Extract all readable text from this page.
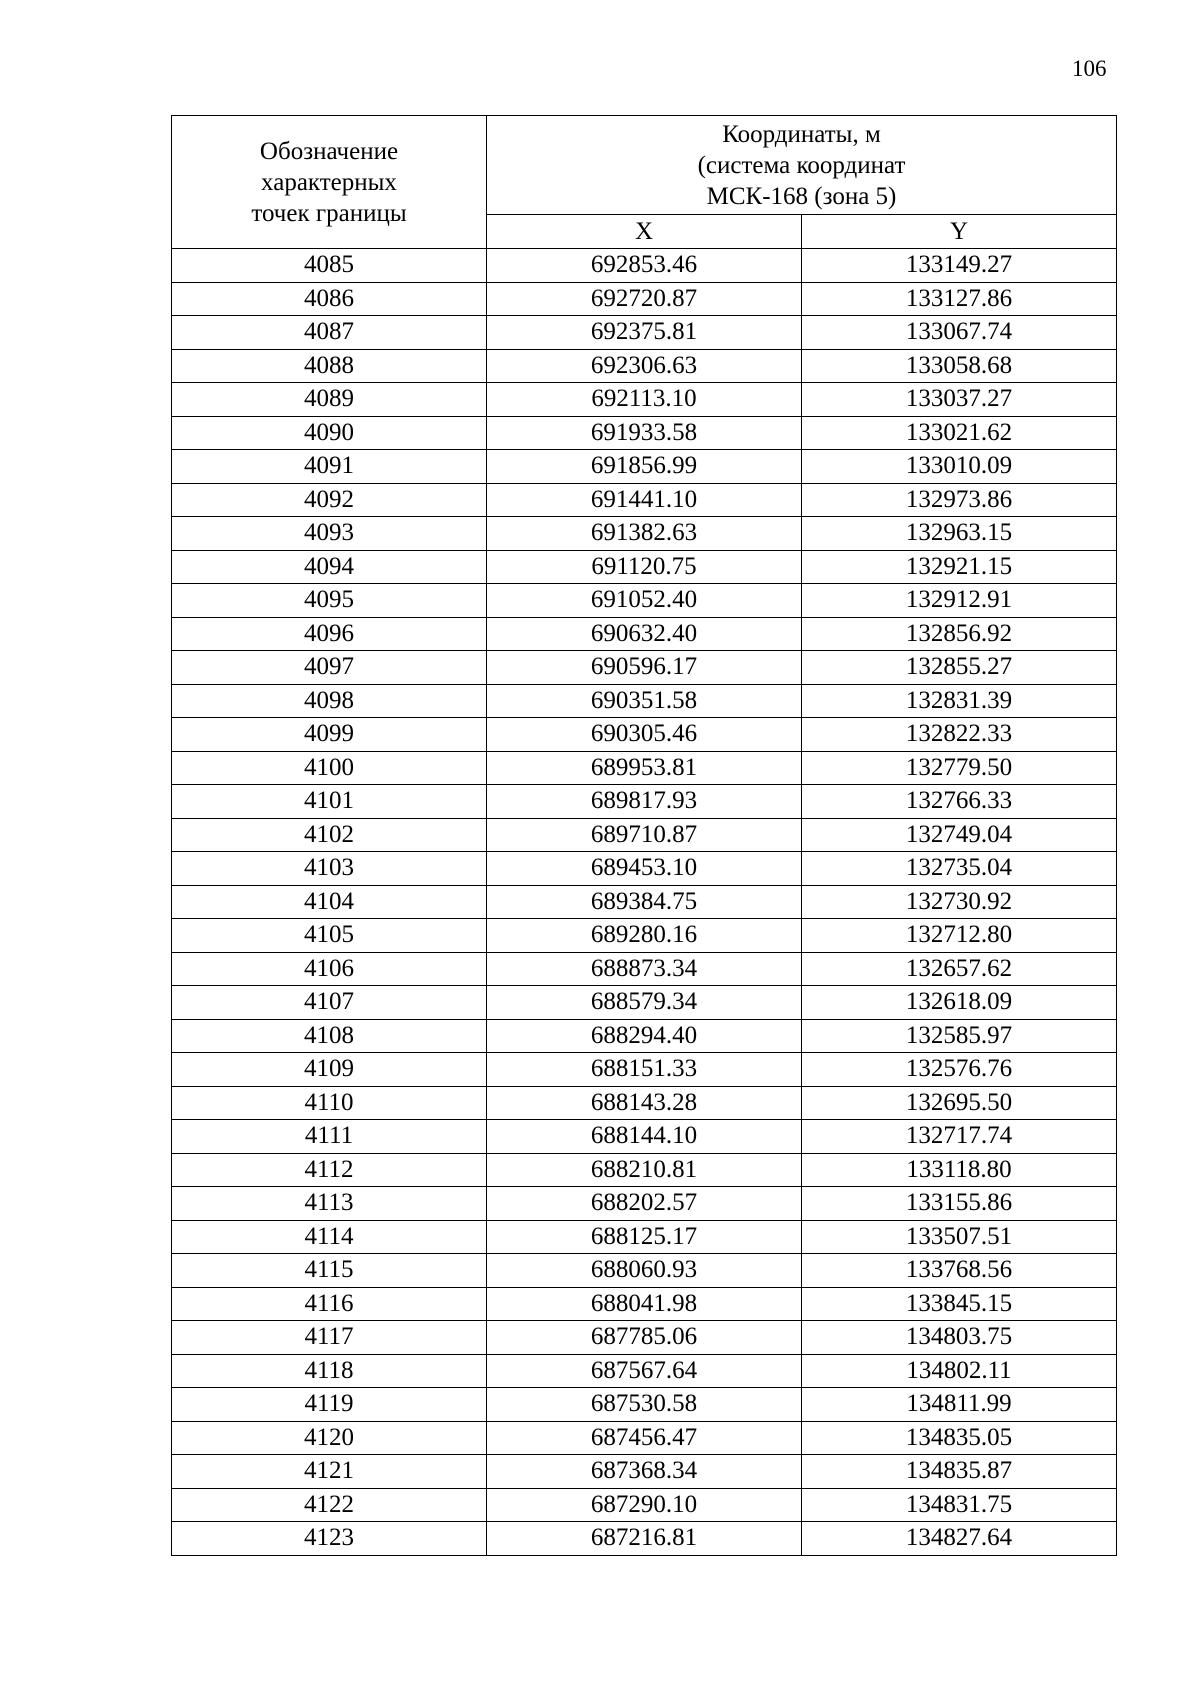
106
Обозначение
характерных
точек границы	Координаты, м
(система координат
МСК-168 (зона 5)	

	X	Y
4085	692853.46	133149.27
4086	692720.87	133127.86
4087	692375.81	133067.74
4088	692306.63	133058.68
4089	692113.10	133037.27
4090	691933.58	133021.62
4091	691856.99	133010.09
4092	691441.10	132973.86
4093	691382.63	132963.15
4094	691120.75	132921.15
4095	691052.40	132912.91
4096	690632.40	132856.92
4097	690596.17	132855.27
4098	690351.58	132831.39
4099	690305.46	132822.33
4100	689953.81	132779.50
4101	689817.93	132766.33
4102	689710.87	132749.04
4103	689453.10	132735.04
4104	689384.75	132730.92
4105	689280.16	132712.80
4106	688873.34	132657.62
4107	688579.34	132618.09
4108	688294.40	132585.97
4109	688151.33	132576.76
4110	688143.28	132695.50
4111	688144.10	132717.74
4112	688210.81	133118.80
4113	688202.57	133155.86
4114	688125.17	133507.51
4115	688060.93	133768.56
4116	688041.98	133845.15
4117	687785.06	134803.75
4118	687567.64	134802.11
4119	687530.58	134811.99
4120	687456.47	134835.05
4121	687368.34	134835.87
4122	687290.10	134831.75
4123	687216.81	134827.64
